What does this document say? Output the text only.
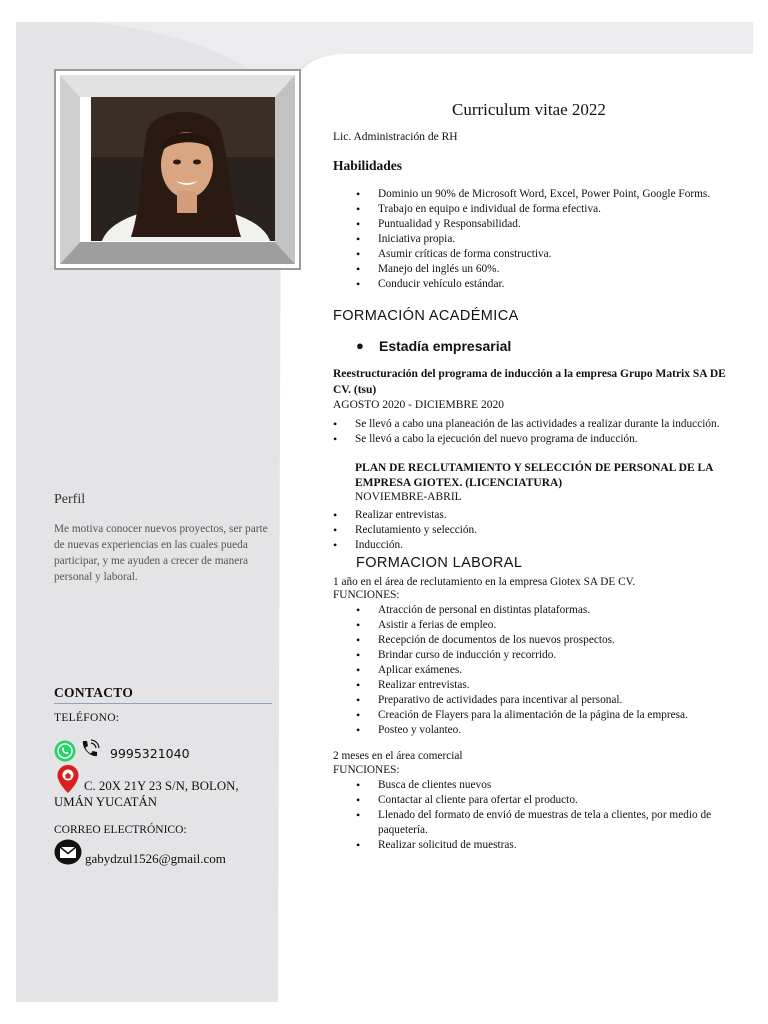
Perfil
Me motiva conocer nuevos proyectos, ser parte de nuevas experiencias en las cuales pueda participar, y me ayuden a crecer de manera personal y laboral.
CONTACTO
TELÉFONO:
9995321040
C. 20X 21Y 23 S/N, BOLON, UMÁN YUCATÁN
CORREO ELECTRÓNICO:
gabydzul1526@gmail.com
Curriculum vitae 2022
Lic. Administración de RH
Habilidades
• Dominio un 90% de Microsoft Word, Excel, Power Point, Google Forms.
• Trabajo en equipo e individual de forma efectiva.
• Puntualidad y Responsabilidad.
• Iniciativa propia.
• Asumir críticas de forma constructiva.
• Manejo del inglés un 60%.
• Conducir vehículo estándar.
FORMACIÓN ACADÉMICA
● Estadía empresarial
Reestructuración del programa de inducción a la empresa Grupo Matrix SA DE CV. (tsu)
AGOSTO 2020 - DICIEMBRE 2020
• Se llevó a cabo una planeación de las actividades a realizar durante la inducción.
• Se llevó a cabo la ejecución del nuevo programa de inducción.
PLAN DE RECLUTAMIENTO Y SELECCIÓN DE PERSONAL DE LA EMPRESA GIOTEX. (LICENCIATURA)
NOVIEMBRE-ABRIL
• Realizar entrevistas.
• Reclutamiento y selección.
• Inducción.
FORMACION LABORAL
1 año en el área de reclutamiento en la empresa Giotex SA DE CV.
FUNCIONES:
• Atracción de personal en distintas plataformas.
• Asistir a ferias de empleo.
• Recepción de documentos de los nuevos prospectos.
• Brindar curso de inducción y recorrido.
• Aplicar exámenes.
• Realizar entrevistas.
• Preparativo de actividades para incentivar al personal.
• Creación de Flayers para la alimentación de la página de la empresa.
• Posteo y volanteo.
2 meses en el área comercial
FUNCIONES:
• Busca de clientes nuevos
• Contactar al cliente para ofertar el producto.
• Llenado del formato de envió de muestras de tela a clientes, por medio de paquetería.
• Realizar solicitud de muestras.
